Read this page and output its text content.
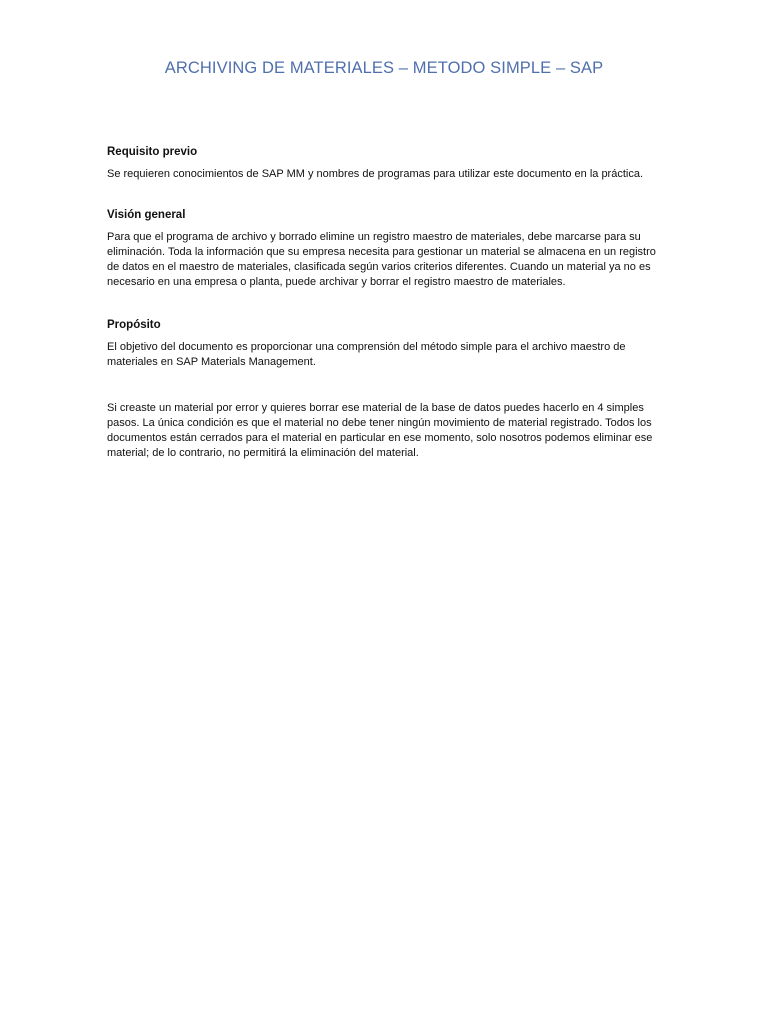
ARCHIVING DE MATERIALES – METODO SIMPLE – SAP
Requisito previo

Se requieren conocimientos de SAP MM y nombres de programas para utilizar este documento en la práctica.

Visión general

Para que el programa de archivo y borrado elimine un registro maestro de materiales, debe marcarse para su eliminación. Toda la información que su empresa necesita para gestionar un material se almacena en un registro de datos en el maestro de materiales, clasificada según varios criterios diferentes. Cuando un material ya no es necesario en una empresa o planta, puede archivar y borrar el registro maestro de materiales.

Propósito

El objetivo del documento es proporcionar una comprensión del método simple para el archivo maestro de materiales en SAP Materials Management.

Si creaste un material por error y quieres borrar ese material de la base de datos puedes hacerlo en 4 simples pasos. La única condición es que el material no debe tener ningún movimiento de material registrado. Todos los documentos están cerrados para el material en particular en ese momento, solo nosotros podemos eliminar ese material; de lo contrario, no permitirá la eliminación del material.
